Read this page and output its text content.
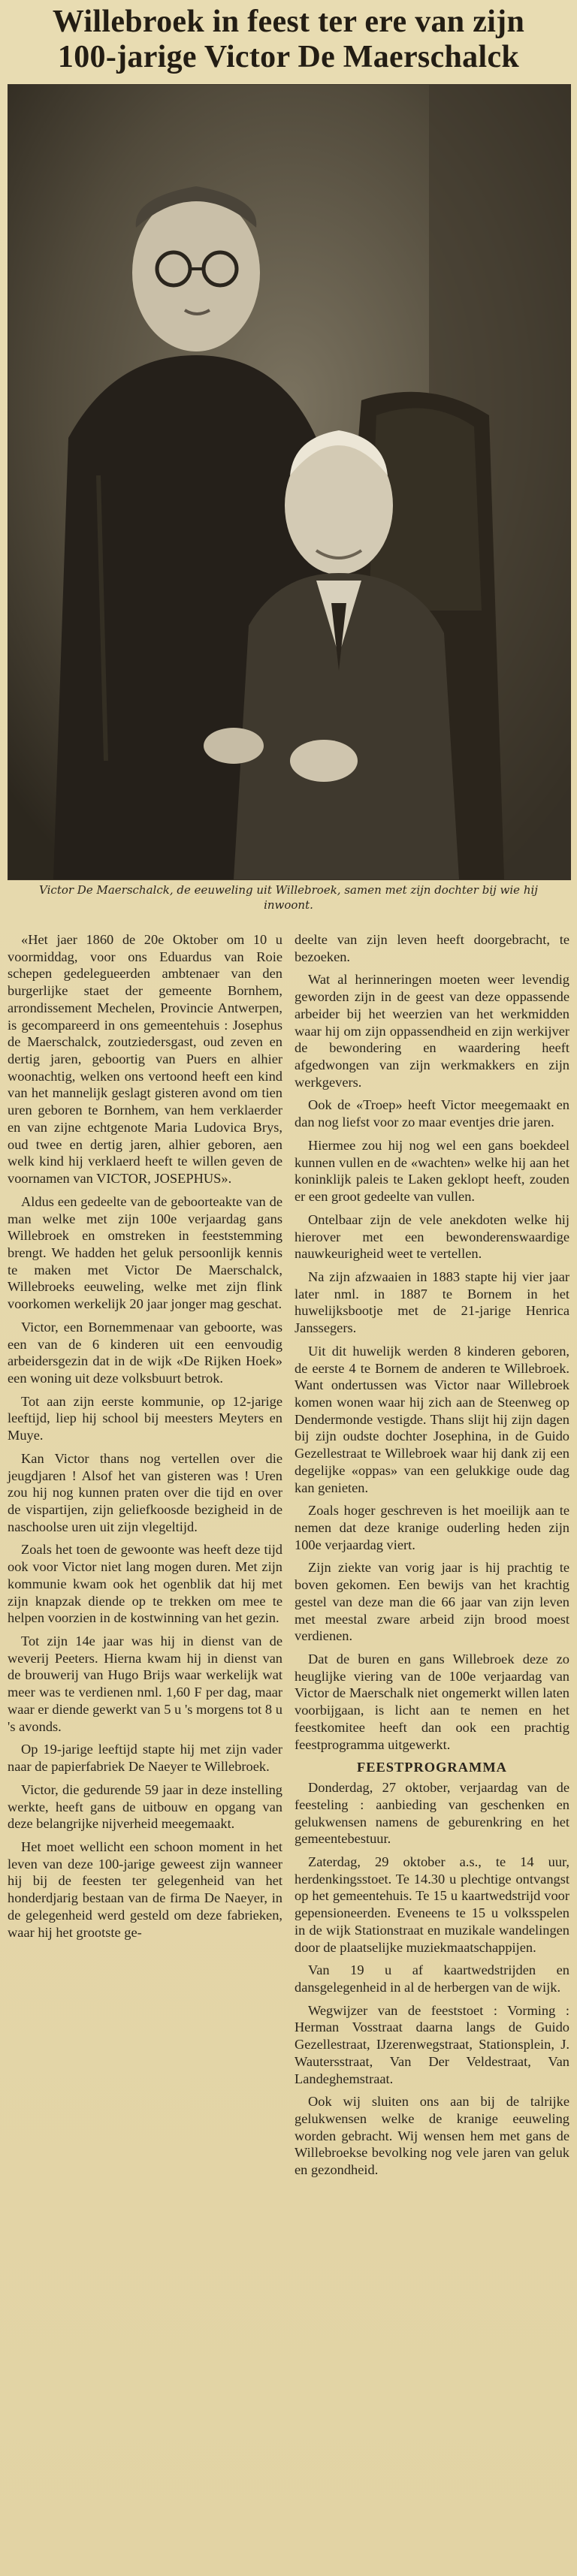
Willebroek in feest ter ere van zijn
100-jarige Victor De Maerschalck
Victor De Maerschalck, de eeuweling uit Willebroek, samen met zijn dochter bij wie hij inwoont.

«Het jaer 1860 de 20e Oktober om 10 u voormiddag, voor ons Eduardus van Roie schepen gedelegueerden ambtenaer van den burgerlijke staet der gemeente Bornhem, arrondissement Mechelen, Provincie Antwerpen, is gecompareerd in ons gemeentehuis : Josephus de Maerschalck, zoutziedersgast, oud zeven en dertig jaren, geboortig van Puers en alhier woonachtig, welken ons vertoond heeft een kind van het mannelijk geslagt gisteren avond om tien uren geboren te Bornhem, van hem verklaerder en van zijne echtgenote Maria Ludovica Brys, oud twee en dertig jaren, alhier geboren, aen welk kind hij verklaerd heeft te willen geven de voornamen van VICTOR, JOSEPHUS».

Aldus een gedeelte van de geboorteakte van de man welke met zijn 100e verjaardag gans Willebroek en omstreken in feeststemming brengt. We hadden het geluk persoonlijk kennis te maken met Victor De Maerschalck, Willebroeks eeuweling, welke met zijn flink voorkomen werkelijk 20 jaar jonger mag geschat.

Victor, een Bornemmenaar van geboorte, was een van de 6 kinderen uit een eenvoudig arbeidersgezin dat in de wijk «De Rijken Hoek» een woning uit deze volksbuurt betrok.

Tot aan zijn eerste kommunie, op 12-jarige leeftijd, liep hij school bij meesters Meyters en Muye.

Kan Victor thans nog vertellen over die jeugdjaren ! Alsof het van gisteren was ! Uren zou hij nog kunnen praten over die tijd en over de vispartijen, zijn geliefkoosde bezigheid in de naschoolse uren uit zijn vlegeltijd.

Zoals het toen de gewoonte was heeft deze tijd ook voor Victor niet lang mogen duren. Met zijn kommunie kwam ook het ogenblik dat hij met zijn knapzak diende op te trekken om mee te helpen voorzien in de kostwinning van het gezin.

Tot zijn 14e jaar was hij in dienst van de weverij Peeters. Hierna kwam hij in dienst van de brouwerij van Hugo Brijs waar werkelijk wat meer was te verdienen nml. 1,60 F per dag, maar waar er diende gewerkt van 5 u 's morgens tot 8 u 's avonds.

Op 19-jarige leeftijd stapte hij met zijn vader naar de papierfabriek De Naeyer te Willebroek.

Victor, die gedurende 59 jaar in deze instelling werkte, heeft gans de uitbouw en opgang van deze belangrijke nijverheid meegemaakt.

Het moet wellicht een schoon moment in het leven van deze 100-jarige geweest zijn wanneer hij bij de feesten ter gelegenheid van het honderdjarig bestaan van de firma De Naeyer, in de gelegenheid werd gesteld om deze fabrieken, waar hij het grootste ge-

deelte van zijn leven heeft doorgebracht, te bezoeken.

Wat al herinneringen moeten weer levendig geworden zijn in de geest van deze oppassende arbeider bij het weerzien van het werkmidden waar hij om zijn oppassendheid en zijn werkijver de bewondering en waardering heeft afgedwongen van zijn werkmakkers en zijn werkgevers.

Ook de «Troep» heeft Victor meegemaakt en dan nog liefst voor zo maar eventjes drie jaren.

Hiermee zou hij nog wel een gans boekdeel kunnen vullen en de «wachten» welke hij aan het koninklijk paleis te Laken geklopt heeft, zouden er een groot gedeelte van vullen.

Ontelbaar zijn de vele anekdoten welke hij hierover met een bewonderenswaardige nauwkeurigheid weet te vertellen.

Na zijn afzwaaien in 1883 stapte hij vier jaar later nml. in 1887 te Bornem in het huwelijksbootje met de 21-jarige Henrica Janssegers.

Uit dit huwelijk werden 8 kinderen geboren, de eerste 4 te Bornem de anderen te Willebroek. Want ondertussen was Victor naar Willebroek komen wonen waar hij zich aan de Steenweg op Dendermonde vestigde. Thans slijt hij zijn dagen bij zijn oudste dochter Josephina, in de Guido Gezellestraat te Willebroek waar hij dank zij een degelijke «oppas» van een gelukkige oude dag kan genieten.

Zoals hoger geschreven is het moeilijk aan te nemen dat deze kranige ouderling heden zijn 100e verjaardag viert.

Zijn ziekte van vorig jaar is hij prachtig te boven gekomen. Een bewijs van het krachtig gestel van deze man die 66 jaar van zijn leven met meestal zware arbeid zijn brood moest verdienen.

Dat de buren en gans Willebroek deze zo heuglijke viering van de 100e verjaardag van Victor de Maerschalk niet ongemerkt willen laten voorbijgaan, is licht aan te nemen en het feestkomitee heeft dan ook een prachtig feestprogramma uitgewerkt.

FEESTPROGRAMMA

Donderdag, 27 oktober, verjaardag van de feesteling : aanbieding van geschenken en gelukwensen namens de geburenkring en het gemeentebestuur.

Zaterdag, 29 oktober a.s., te 14 uur, herdenkingsstoet. Te 14.30 u plechtige ontvangst op het gemeentehuis. Te 15 u kaartwedstrijd voor gepensioneerden. Eveneens te 15 u volksspelen in de wijk Stationstraat en muzikale wandelingen door de plaatselijke muziekmaatschappijen.

Van 19 u af kaartwedstrijden en dansgelegenheid in al de herbergen van de wijk.

Wegwijzer van de feeststoet : Vorming : Herman Vosstraat daarna langs de Guido Gezellestraat, IJzerenwegstraat, Stationsplein, J. Wautersstraat, Van Der Veldestraat, Van Landeghemstraat.

Ook wij sluiten ons aan bij de talrijke gelukwensen welke de kranige eeuweling worden gebracht. Wij wensen hem met gans de Willebroekse bevolking nog vele jaren van geluk en gezondheid.
